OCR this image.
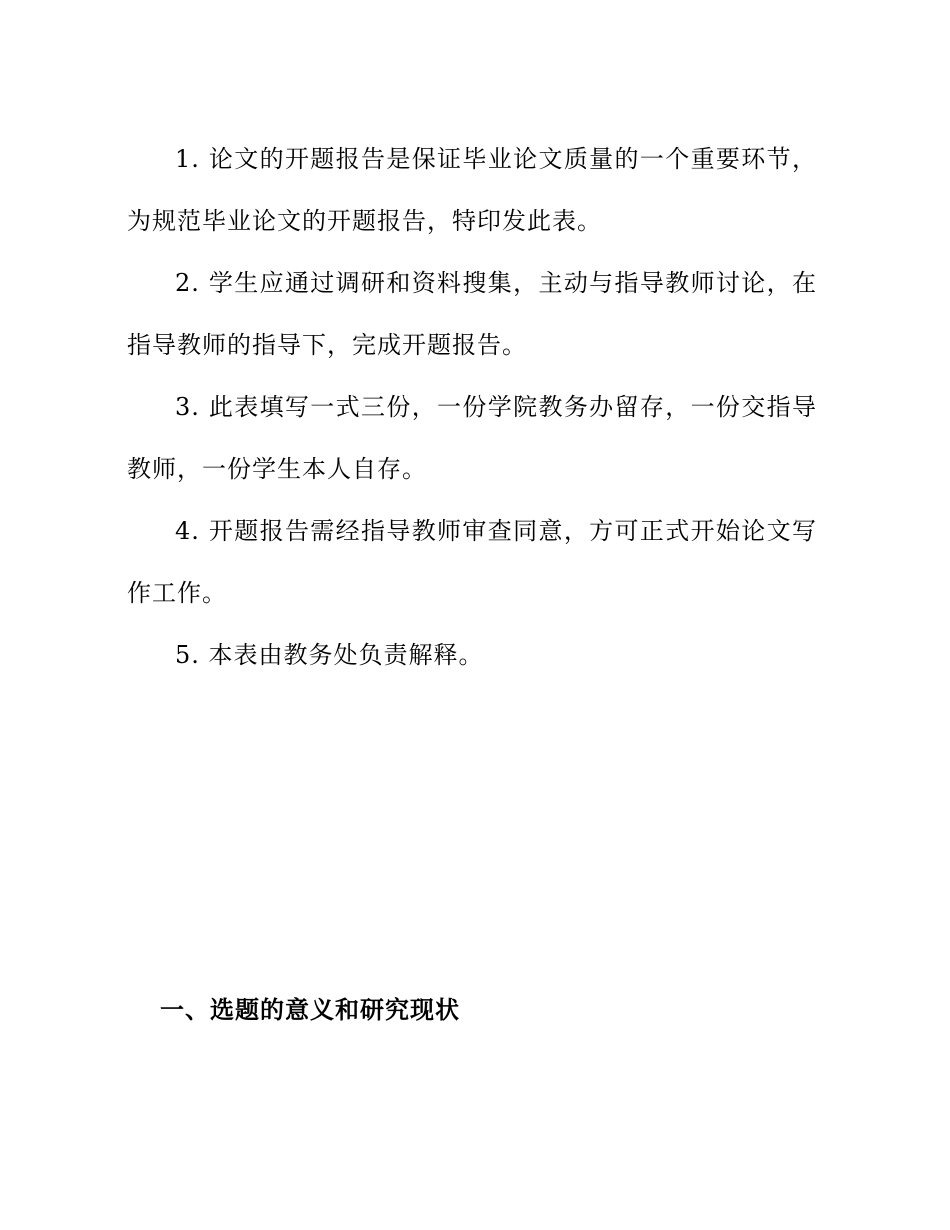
1. 论文的开题报告是保证毕业论文质量的一个重要环节，为规范毕业论文的开题报告，特印发此表。

2. 学生应通过调研和资料搜集，主动与指导教师讨论，在指导教师的指导下，完成开题报告。

3. 此表填写一式三份，一份学院教务办留存，一份交指导教师，一份学生本人自存。

4. 开题报告需经指导教师审查同意，方可正式开始论文写作工作。

5. 本表由教务处负责解释。

一、选题的意义和研究现状
